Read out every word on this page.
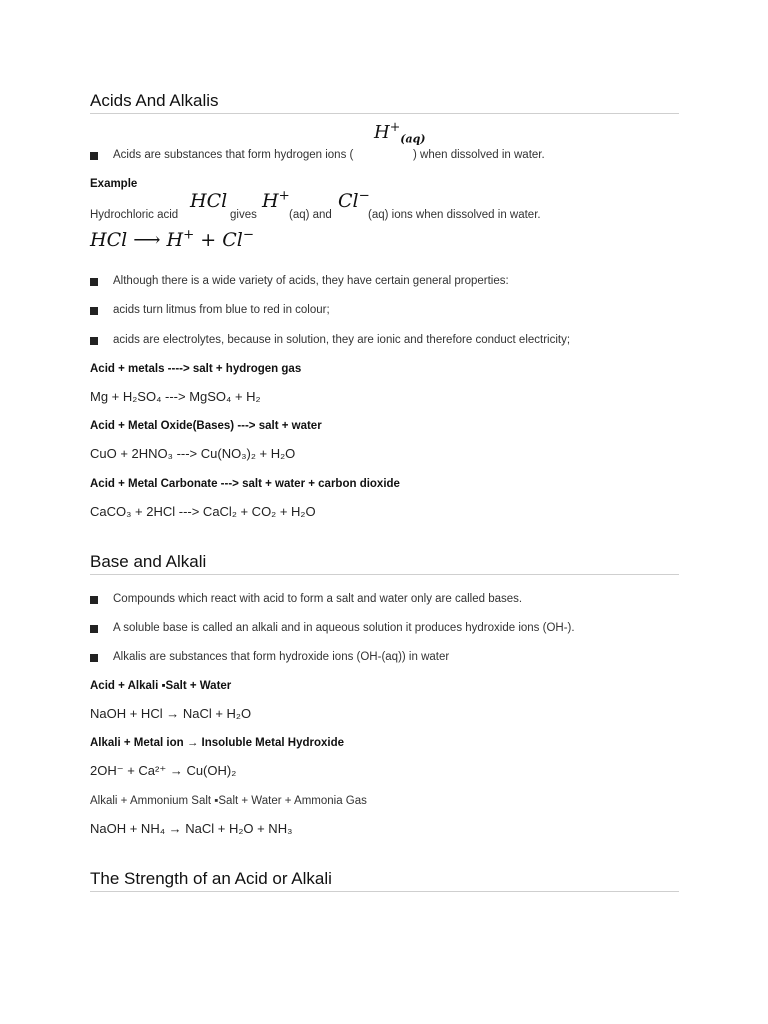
Acids And Alkalis
$H^+_{(aq)}$
Acids are substances that form hydrogen ions (	) when dissolved in water.
Example
HCl H+	Cl−
Hydrochloric acid	gives	(aq) and	(aq) ions when dissolved in water.
HCl ⟶ H+ + Cl−
Although there is a wide variety of acids, they have certain general properties:
acids turn litmus from blue to red in colour;
acids are electrolytes, because in solution, they are ionic and therefore conduct electricity;
Acid + metals ----> salt + hydrogen gas
Mg + H₂SO₄ ---> MgSO₄ + H₂
Acid + Metal Oxide(Bases) ---> salt + water
CuO + 2HNO₃ ---> Cu(NO₃)₂ + H₂O
Acid + Metal Carbonate ---> salt + water + carbon dioxide
CaCO₃ + 2HCl ---> CaCl₂ + CO₂ + H₂O
Base and Alkali
Compounds which react with acid to form a salt and water only are called bases.
A soluble base is called an alkali and in aqueous solution it produces hydroxide ions (OH-).
Alkalis are substances that form hydroxide ions (OH-(aq)) in water
Acid + Alkali ▪Salt + Water
NaOH + HCl → NaCl + H₂O
Alkali + Metal ion → Insoluble Metal Hydroxide
2OH⁻ + Ca²⁺ → Cu(OH)₂
Alkali + Ammonium Salt ▪Salt + Water + Ammonia Gas
NaOH + NH₄ → NaCl + H₂O + NH₃
The Strength of an Acid or Alkali
